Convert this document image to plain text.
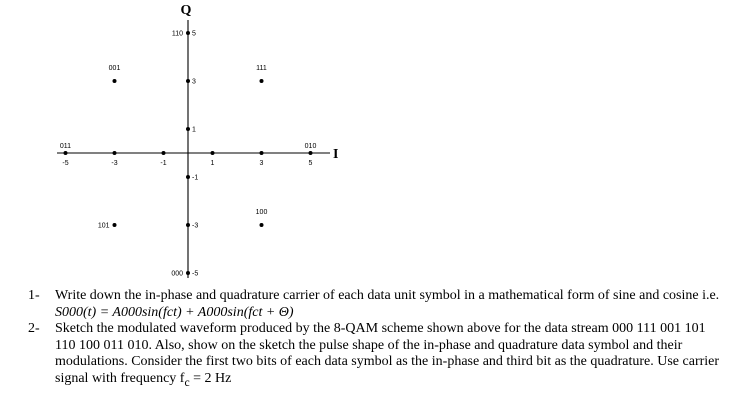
-5	-3	-1	1	3	5
5
3
1
-1
-3
-5
110
001	111
011	010
101
100
000
I
Q
1- Write down the in-phase and quadrature carrier of each data unit symbol in a mathematical form of sine and cosine i.e. S000(t) = A000sin(fct) + A000sin(fct + Θ)
2- Sketch the modulated waveform produced by the 8-QAM scheme shown above for the data stream 000 111 001 101 110 100 011 010. Also, show on the sketch the pulse shape of the in-phase and quadrature data symbol and their modulations. Consider the first two bits of each data symbol as the in-phase and third bit as the quadrature. Use carrier signal with frequency $f_c = 2$ Hz
